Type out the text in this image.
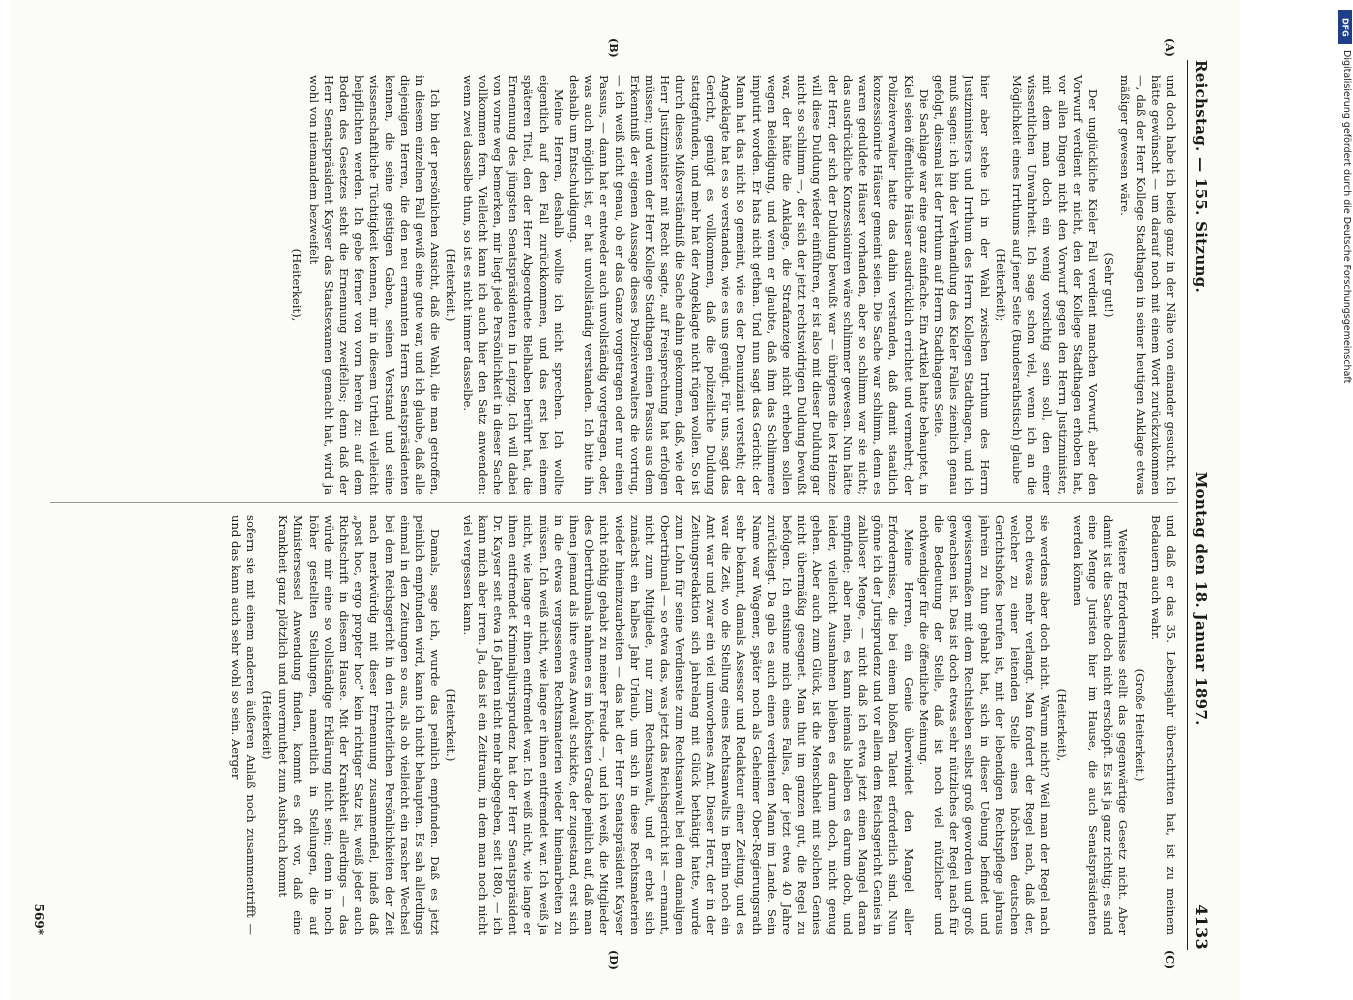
Reichstag. — 155. Sitzung.
Montag den 18. Januar 1897.
4133
(A)
(B)
(C)
(D)

und doch habe ich beide ganz in der Nähe von einander gesucht. Ich hätte gewünscht — um darauf noch mit einem Wort zurückzukommen —, daß der Herr Kollege Stadthagen in seiner heutigen Anklage etwas mäßiger gewesen wäre.

(Sehr gut!)

Der unglückliche Kieler Fall verdient manchen Vorwurf, aber den Vorwurf verdient er nicht, den der Kollege Stadthagen erhoben hat, vor allen Dingen nicht den Vorwurf gegen den Herrn Justizminister, mit dem man doch ein wenig vorsichtig sein soll, den einer wissentlichen Unwahrheit. Ich sage schon viel, wenn ich an die Möglichkeit eines Irrthums auf jener Seite (Bundesrathstisch) glaube

(Heiterkeit);

hier aber stehe ich in der Wahl zwischen Irrthum des Herrn Justizministers und Irrthum des Herrn Kollegen Stadthagen, und ich muß sagen: ich bin der Verhandlung des Kieler Falles ziemlich genau gefolgt, diesmal ist der Irrthum auf Herrn Stadthagens Seite.

Die Sachlage war eine ganz einfache. Ein Artikel hatte behauptet, in Kiel seien öffentliche Häuser ausdrücklich errichtet und vermehrt; der Polizeiverwalter hatte das dahin verstanden, daß damit staatlich konzessionirte Häuser gemeint seien. Die Sache war schlimm, denn es waren geduldete Häuser vorhanden, aber so schlimm war sie nicht; das ausdrückliche Konzessioniren wäre schlimmer gewesen. Nun hätte der Herr, der sich der Duldung bewußt war — übrigens die lex Heinze will diese Duldung wieder einführen, er ist also mit dieser Duldung gar nicht so schlimm —, der sich der jetzt rechtswidrigen Duldung bewußt war, der hätte die Anklage, die Strafanzeige nicht erheben sollen wegen Beleidigung, und wenn er glaubte, daß ihm das Schlimmere imputirt worden. Er hats nicht gethan. Und nun sagt das Gericht: der Mann hat das nicht so gemeint, wie es der Denunziant versteht; der Angeklagte hat es so verstanden, wie es uns genügt. Für uns, sagt das Gericht, genügt es vollkommen, daß die polizeiliche Duldung stattgefunden, und mehr hat der Angeklagte nicht rügen wollen. So ist durch dieses Mißverständniß die Sache dahin gekommen, daß, wie der Herr Justizminister mit Recht sagte, auf Freisprechung hat erfolgen müssen; und wenn der Herr Kollege Stadthagen einen Passus aus dem Erkenntniß der eigenen Aussage dieses Polizeiverwalters die vortrug, — ich weiß nicht genau, ob er das Ganze vorgetragen oder nur einen Passus, — dann hat er entweder auch unvollständig vorgetragen, oder, was auch möglich ist, er hat unvollständig verstanden. Ich bitte ihn deshalb um Entschuldigung.

Meine Herren, deshalb wollte ich nicht sprechen. Ich wollte eigentlich auf den Fall zurückkommen, und das erst bei einem späteren Titel, den der Herr Abgeordnete Bielhaben berührt hat, die Ernennung des jüngsten Senatspräsidenten in Leipzig. Ich will dabei von vorne weg bemerken, mir liegt jede Persönlichkeit in dieser Sache vollkommen fern. Vielleicht kann ich auch hier den Satz anwenden: wenn zwei dasselbe thun, so ist es nicht immer dasselbe.

(Heiterkeit.)

Ich bin der persönlichen Ansicht, daß die Wahl, die man getroffen, in diesem einzelnen Fall gewiß eine gute war, und ich glaube, daß alle diejenigen Herren, die den neu ernannten Herrn Senatspräsidenten kennen, die seine geistigen Gaben, seinen Verstand und seine wissenschaftliche Tüchtigkeit kennen, mir in diesem Urtheil vielleicht beipflichten werden. Ich gebe ferner von vorn herein zu: auf dem Boden des Gesetzes steht die Ernennung zweifellos; denn daß der Herr Senatspräsident Kayser das Staatsexamen gemacht hat, wird ja wohl von niemandem bezweifelt

(Heiterkeit),

und daß er das 35. Lebensjahr überschritten hat, ist zu meinem Bedauern auch wahr.

(Große Heiterkeit.)

Weitere Erfordernisse stellt das gegenwärtige Gesetz nicht. Aber damit ist die Sache doch nicht erschöpft. Es ist ja ganz richtig; es sind eine Menge Juristen hier im Hause, die auch Senatspräsidenten werden können

(Heiterkeit),

sie werdens aber doch nicht. Warum nicht? Weil man der Regel nach noch etwas mehr verlangt. Man fordert der Regel nach, daß der, welcher zu einer leitenden Stelle eines höchsten deutschen Gerichtshofes berufen ist, mit der lebendigen Rechtspflege jahraus jahrein zu thun gehabt hat, sich in dieser Uebung befindet und gewissermaßen mit dem Rechtsleben selbst groß geworden und groß gewachsen ist. Das ist doch etwas sehr nützliches der Regel nach für die Bedeutung der Stelle, daß ist noch viel nützlicher und nothwendiger für die öffentliche Meinung.

Meine Herren, ein Genie überwindet den Mangel aller Erfordernisse, die bei einem bloßen Talent erforderlich sind. Nun gönne ich der Jurisprudenz und vor allem dem Reichsgericht Genies in zahlloser Menge, — nicht daß ich etwa jetzt einen Mangel daran empfinde; aber nein, es kann niemals bleiben es darum doch, und leider, vielleicht Ausnahmen bleiben es darum doch, nicht genug gehen. Aber auch zum Glück, ist die Menschheit mit solchen Genies nicht übermäßig gesegnet. Man thut im ganzen gut, die Regel zu befolgen. Ich entsinne mich eines Falles, der jetzt etwa 40 Jahre zurückliegt. Da gab es auch einen verdienten Mann im Lande. Sein Name war Wagener, später noch als Geheimer Ober-Regierungsrath sehr bekannt, damals Assessor und Redakteur einer Zeitung, und es war die Zeit, wo die Stellung eines Rechtsanwalts in Berlin noch ein Amt war und zwar ein viel umworbenes Amt. Dieser Herr, der in der Zeitungsredaktion sich jahrelang mit Glück bethätigt hatte, wurde zum Lohn für seine Verdienste zum Rechtsanwalt bei dem damaligen Obertribunal — so etwa das, was jetzt das Reichsgericht ist — ernannt, nicht zum Mitgliede, nur zum Rechtsanwalt, und er erbat sich zunächst ein halbes Jahr Urlaub, um sich in diese Rechtsmaterien wieder hineinzuarbeiten — das hat der Herr Senatspräsident Kayser nicht nöthig gehabt zu meiner Freude —, und ich weiß, die Mitglieder des Obertribunals nahmen es im höchsten Grade peinlich auf, daß man ihnen jemand als ihre etwas Anwalt schickte, der zugestand, erst sich in die etwas vergessenen Rechtsmaterien wieder hineinarbeiten zu müssen. Ich weiß nicht, wie lange er ihnen entfremdet war. Ich weiß ja nicht, wie lange er ihnen entfremdet war. Ich weiß nicht, wie lange er ihnen entfremdet Kriminaljurisprudenz hat der Herr Senatspräsident Dr. Kayser seit etwa 16 Jahren nicht mehr abgegeben, seit 1880, — ich kann mich aber irren. Ja, das ist ein Zeitraum, in dem man noch nicht viel vergessen kann.

(Heiterkeit.)

Damals, sage ich, wurde das peinlich empfunden. Daß es jetzt peinlich empfunden wird, kann ich nicht behaupten. Es sah allerdings einmal in den Zeitungen so aus, als ob vielleicht ein rascher Wechsel bei dem Reichsgericht in den richterlichen Persönlichkeiten der Zeit nach merkwürdig mit dieser Ernennung zusammenfiel, indeß daß „post hoc, ergo propter hoc“ kein richtiger Satz ist, weiß jeder auch Richtschrift in diesem Hause. Mit der Krankheit allerdings — das würde mir eine so vollständige Erklärung nicht sein; denn in noch höher gestellten Stellungen, namentlich in Stellungen, die auf Ministersessel Anwendung finden, kommt es oft vor, daß eine Krankheit ganz plötzlich und unvermuthet zum Ausbruch kommt

(Heiterkeit)

sofern sie mit einem anderen äußeren Anlaß noch zusammentrifft — und das kann auch sehr wohl so sein. Aerger

569*
DFG
Digitalisierung gefördert durch die Deutsche Forschungsgemeinschaft
